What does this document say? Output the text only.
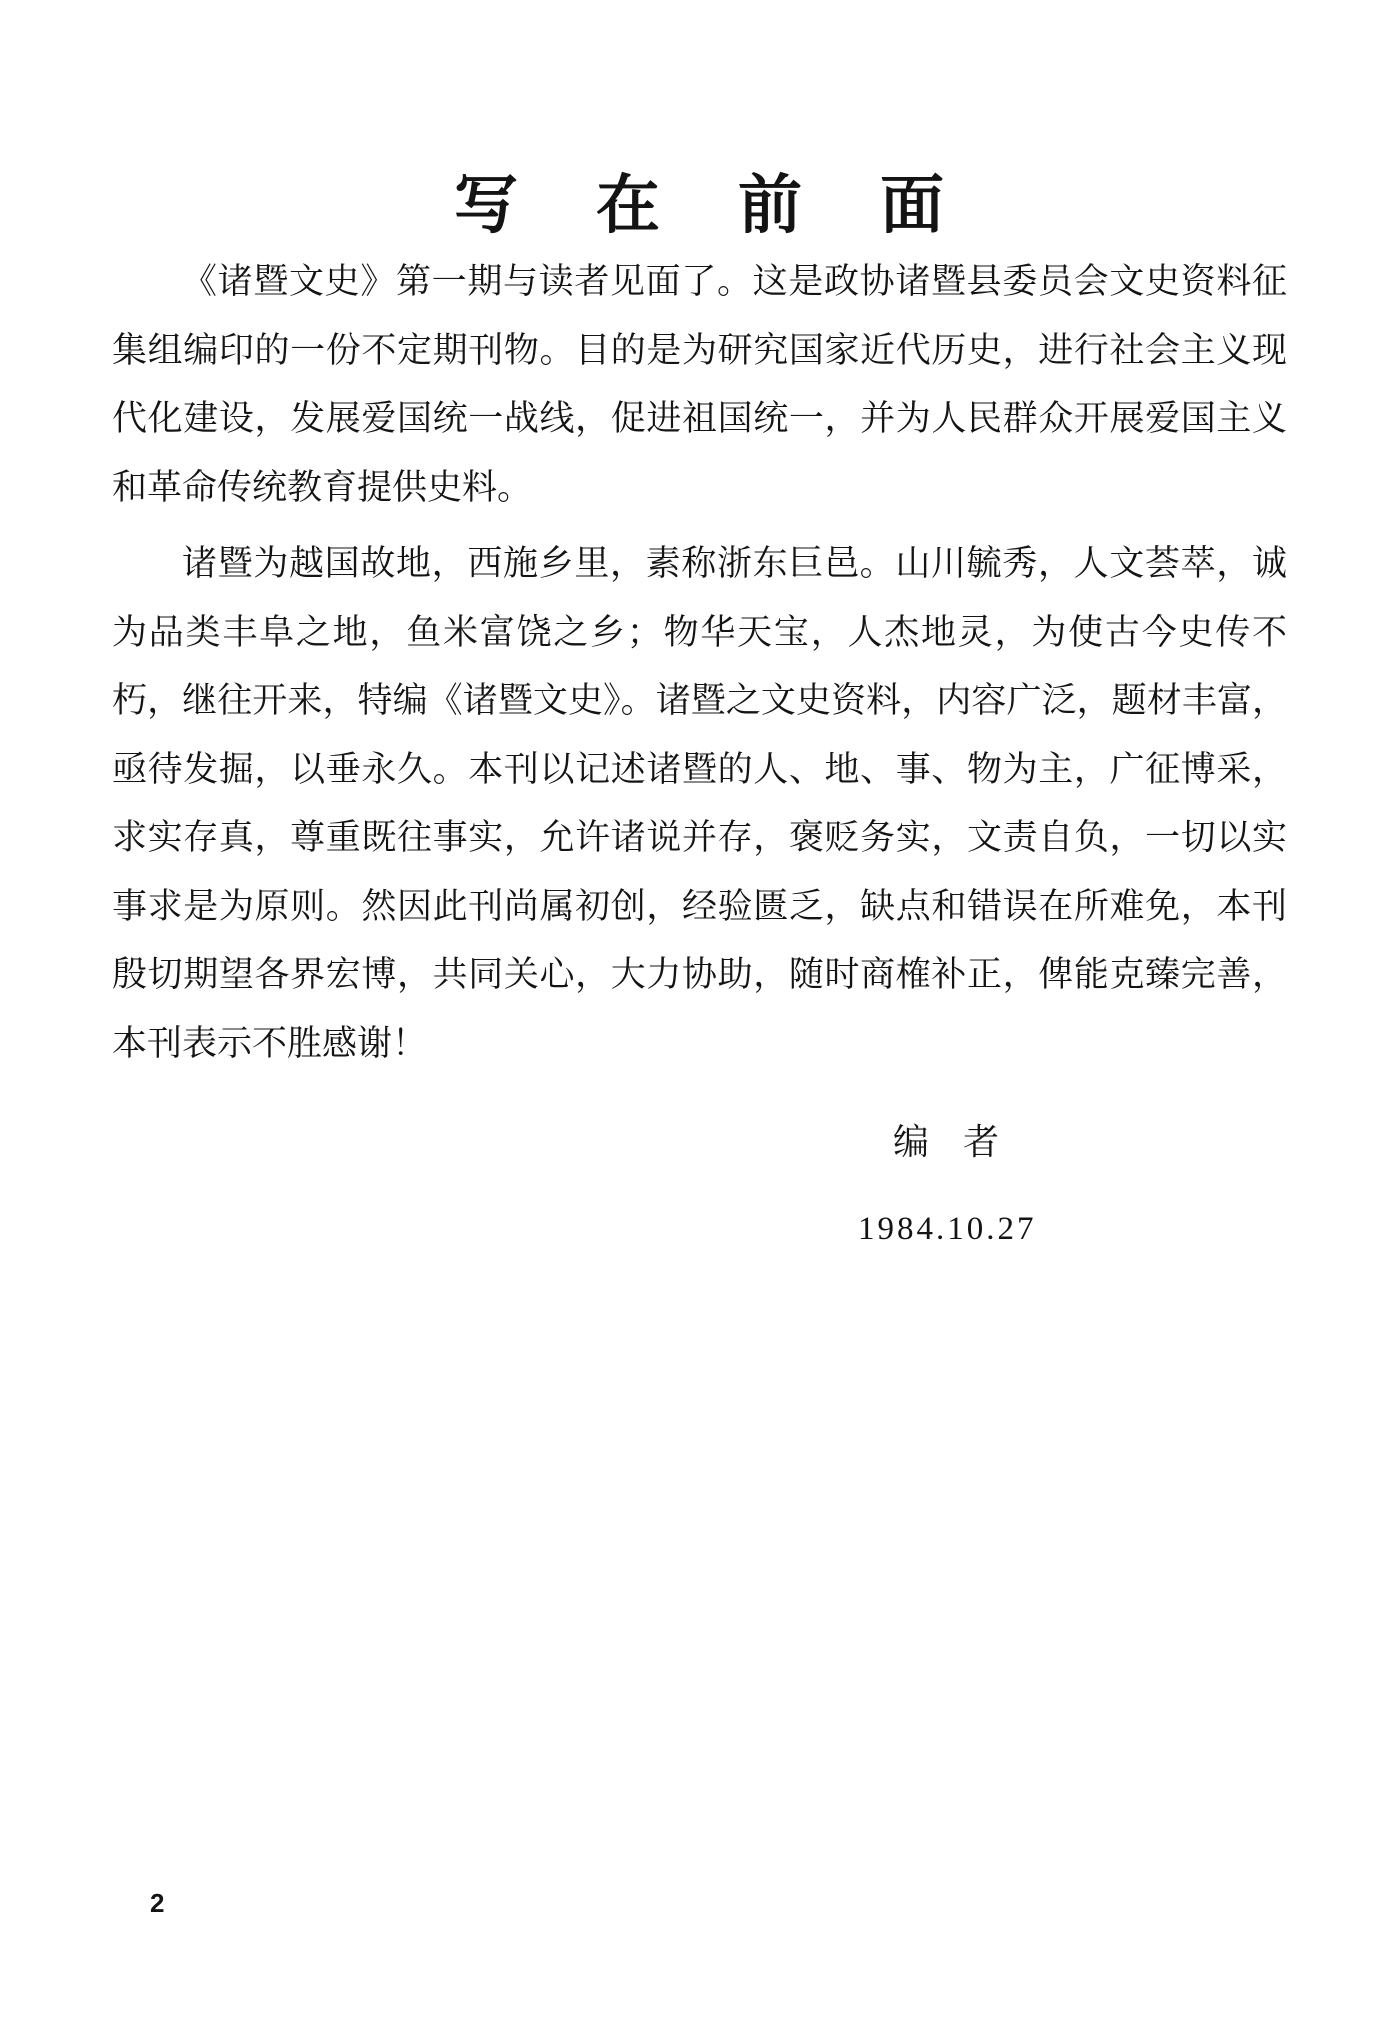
写在前面

《诸暨文史》第一期与读者见面了。这是政协诸暨县委员会文史资料征集组编印的一份不定期刊物。目的是为研究国家近代历史，进行社会主义现代化建设，发展爱国统一战线，促进祖国统一，并为人民群众开展爱国主义和革命传统教育提供史料。

诸暨为越国故地，西施乡里，素称浙东巨邑。山川毓秀，人文荟萃，诚为品类丰阜之地，鱼米富饶之乡；物华天宝，人杰地灵，为使古今史传不朽，继往开来，特编《诸暨文史》。诸暨之文史资料，内容广泛，题材丰富，亟待发掘，以垂永久。本刊以记述诸暨的人、地、事、物为主，广征博采，求实存真，尊重既往事实，允许诸说并存，褒贬务实，文责自负，一切以实事求是为原则。然因此刊尚属初创，经验匮乏，缺点和错误在所难免，本刊殷切期望各界宏博，共同关心，大力协助，随时商榷补正，俾能克臻完善，本刊表示不胜感谢！

编者
1984.10.27
2
